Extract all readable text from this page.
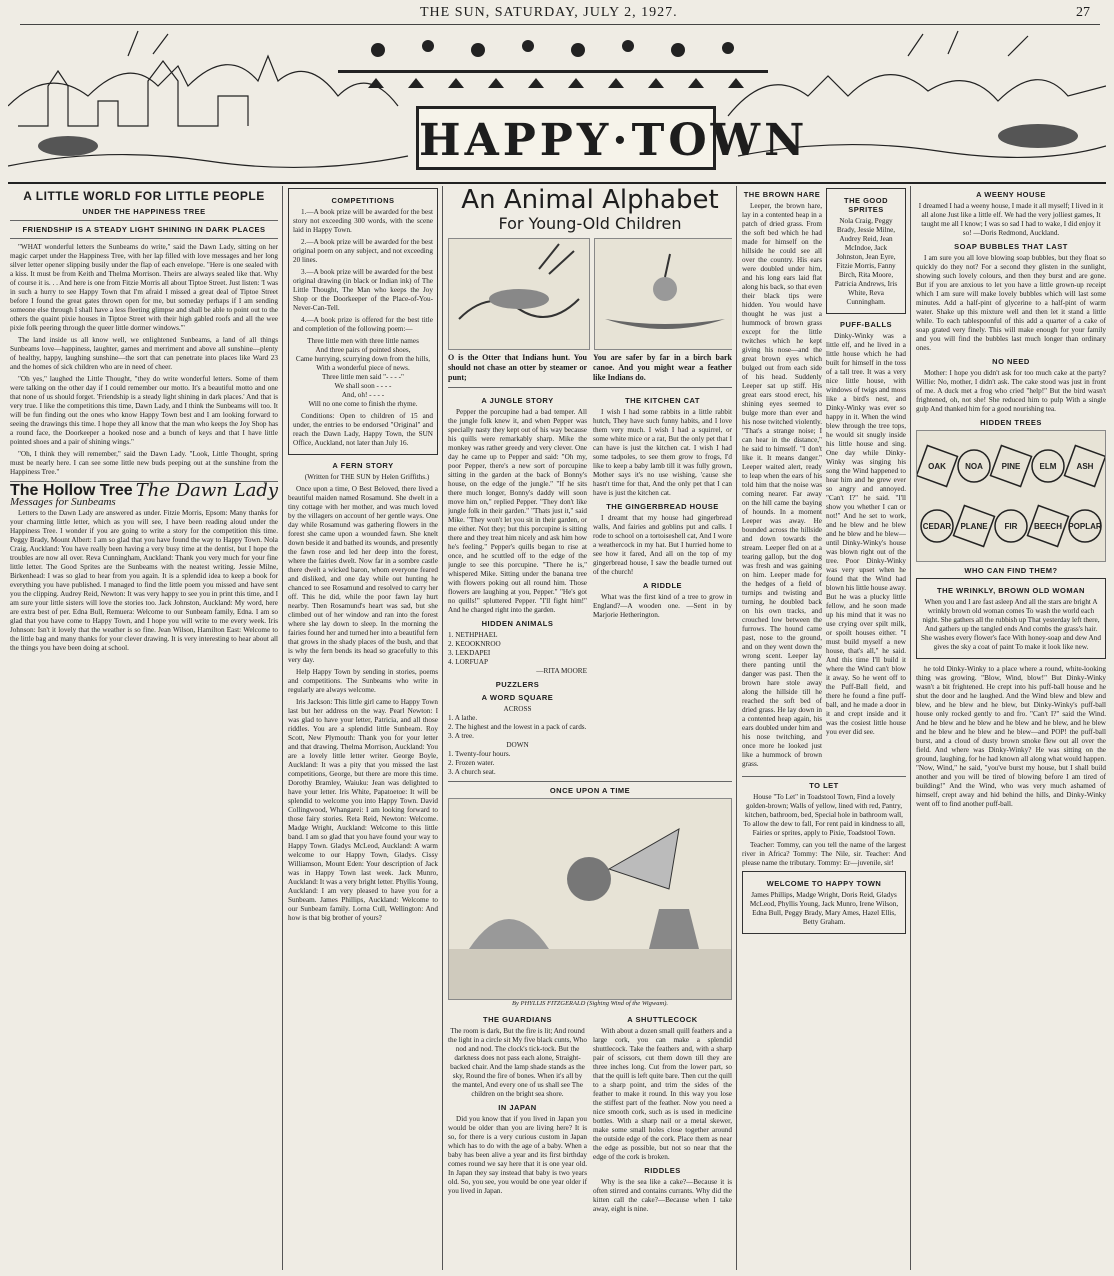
THE SUN, SATURDAY, JULY 2, 1927.	27
HAPPY·TOWN
A LITTLE WORLD FOR LITTLE PEOPLE
UNDER THE HAPPINESS TREE
FRIENDSHIP IS A STEADY LIGHT SHINING IN DARK PLACES

"WHAT wonderful letters the Sunbeams do write," said the Dawn Lady, sitting on her magic carpet under the Happiness Tree, with her lap filled with love messages and her long silver letter opener slipping busily under the flap of each envelope. "Here is one sealed with a kiss. It must be from Keith and Thelma Morrison. Theirs are always sealed like that. Why of course it is. . . And here is one from Fitzie Morris all about Tiptoe Street. Just listen: 'I was in such a hurry to see Happy Town that I'm afraid I missed a great deal of Tiptoe Street before I found the great gates thrown open for me, but someday perhaps if I am sending someone else through I shall have a less fleeting glimpse and shall be able to point out to the others the quaint pixie houses in Tiptoe Street with their high gabled roofs and all the wee pixie folk peering through the queer little dormer windows.'"

The land inside us all know well, we enlightened Sunbeams, a land of all things Sunbeams love—happiness, laughter, games and merriment and above all sunshine—plenty of healthy, happy, laughing sunshine—the sort that can penetrate into places like Ward 23 and the homes of sick children who are in need of cheer.

"Oh yes," laughed the Little Thought, "they do write wonderful letters. Some of them were talking on the other day if I could remember our motto. It's a beautiful motto and one that none of us should forget. 'Friendship is a steady light shining in dark places.' And that is very true. I like the competitions this time, Dawn Lady, and I think the Sunbeams will too. It will be fun finding out the ones who know Happy Town best and I am looking forward to seeing the drawings this time. I hope they all know that the man who keeps the Joy Shop has a round face, the Doorkeeper a hooked nose and a bunch of keys and that I have little pointed shoes and a pair of shining wings."

"Oh, I think they will remember," said the Dawn Lady. "Look, Little Thought, spring must be nearly here. I can see some little new buds peeping out at the sunshine from the Happiness Tree."

The Hollow Tree The Dawn Lady
Messages for Sunbeams

Letters to the Dawn Lady are answered as under. Fitzie Morris, Epsom: Many thanks for your charming little letter, which as you will see, I have been reading aloud under the Happiness Tree. I wonder if you are going to write a story for the competition this time. Peggy Brady, Mount Albert: I am so glad that you have found the way to Happy Town. Nola Craig, Auckland: You have really been having a very busy time at the dentist, but I hope the troubles are now all over. Reva Cunningham, Auckland: Thank you very much for your fine little letter. The Good Sprites are the Sunbeams with the neatest writing. Jessie Milne, Birkenhead: I was so glad to hear from you again. It is a splendid idea to keep a book for everything you have published. I managed to find the little poem you missed and have sent you the clipping. Audrey Reid, Newton: It was very happy to see you in print this time, and I am sure your little sisters will love the stories too. Jack Johnston, Auckland: My word, here are extra best of per. Edna Bull, Remuera: Welcome to our Sunbeam family, Edna. I am so glad that you have come to Happy Town, and I hope you will write to me every week. Iris Johnson: Isn't it lovely that the weather is so fine. Jean Wilson, Hamilton East: Welcome to the little bag and many thanks for your clever drawing. It is very interesting to hear about all the things you have been doing at school.

COMPETITIONS

1.—A book prize will be awarded for the best story not exceeding 300 words, with the scene laid in Happy Town.

2.—A book prize will be awarded for the best original poem on any subject, and not exceeding 20 lines.

3.—A book prize will be awarded for the best original drawing (in black or Indian ink) of The Little Thought, The Man who keeps the Joy Shop or the Doorkeeper of the Place-of-You-Never-Can-Tell.

4.—A book prize is offered for the best title and completion of the following poem:—

Three little men with three little names
And three pairs of pointed shoes,
Came hurrying, scurrying down from the hills,
With a wonderful piece of news.
Three little men said "- - - -"
We shall soon - - - -
And, oh! - - - -
Will no one come to finish the rhyme.

Conditions: Open to children of 15 and under, the entries to be endorsed "Original" and reach the Dawn Lady, Happy Town, the SUN Office, Auckland, not later than July 16.

A FERN STORY

(Written for THE SUN by Helen Griffiths.)

Once upon a time, O Best Beloved, there lived a beautiful maiden named Rosamund. She dwelt in a tiny cottage with her mother, and was much loved by the villagers on account of her gentle ways. One day while Rosamund was gathering flowers in the forest she came upon a wounded fawn. She knelt down beside it and bathed its wounds, and presently the fawn rose and led her deep into the forest, where the fairies dwelt. Now far in a sombre castle there dwelt a wicked baron, whom everyone feared and disliked, and one day while out hunting he chanced to see Rosamund and resolved to carry her off. This he did, while the poor fawn lay hurt nearby. Then Rosamund's heart was sad, but she climbed out of her window and ran into the forest where she lay down to sleep. In the morning the fairies found her and turned her into a beautiful fern that grows in the shady places of the bush, and that is why the fern bends its head so gracefully to this very day.

Help Happy Town by sending in stories, poems and competitions. The Sunbeams who write in regularly are always welcome.

Iris Jackson: This little girl came to Happy Town last but her address on the way. Pearl Newton: I was glad to have your letter, Patricia, and all those riddles. You are a splendid little Sunbeam. Roy Scott, New Plymouth: Thank you for your letter and that drawing. Thelma Morrison, Auckland: You are a lovely little letter writer. George Boyle, Auckland: It was a pity that you missed the last competitions, George, but there are more this time. Dorothy Bramley, Waiuku: Jean was delighted to have your letter. Iris White, Papatoetoe: It will be splendid to welcome you into Happy Town. David Collingwood, Whangarei: I am looking forward to those fairy stories. Reta Reid, Newton: Welcome. Madge Wright, Auckland: Welcome to this little band. I am so glad that you have found your way to Happy Town. Gladys McLeod, Auckland: A warm welcome to our Happy Town, Gladys. Cissy Williamson, Mount Eden: Your description of Jack was in Happy Town last week. Jack Munro, Auckland: It was a very bright letter. Phyllis Young, Auckland: I am very pleased to have you for a Sunbeam. James Phillips, Auckland: Welcome to our Sunbeam family. Lorna Cull, Wellington: And how is that big brother of yours?

An Animal Alphabet
For Young-Old Children
O is the Otter that Indians hunt. You should not chase an otter by steamer or punt;
You are safer by far in a birch bark canoe. And you might wear a feather like Indians do.
A JUNGLE STORY

Pepper the porcupine had a bad temper. All the jungle folk knew it, and when Pepper was specially nasty they kept out of his way because his quills were remarkably sharp. Mike the monkey was rather greedy and very clever. One day he came up to Pepper and said: "Oh my, poor Pepper, there's a new sort of porcupine sitting in the garden at the back of Bonny's house, on the edge of the jungle." "If he sits there much longer, Bonny's daddy will soon move him on," replied Pepper. "They don't like jungle folk in their garden." "Thats just it," said Mike. "They won't let you sit in their garden, or me either. Not they; but this porcupine is sitting there and they treat him nicely and ask him how he's feeling." Pepper's quills began to rise at once, and he scuttled off to the edge of the jungle to see this porcupine. "There he is," whispered Mike. Sitting under the banana tree with flowers poking out all round him. Those flowers are laughing at you, Pepper." "He's got no quills!" spluttered Pepper. "I'll fight him!" And he charged right into the garden.

HIDDEN ANIMALS
1. NETHPHAEL
2. KEOOKNROO
3. LEKDAPEI
4. LORFUAP
—RITA MOORE
PUZZLERS
A WORD SQUARE
ACROSS
1. A lathe.
2. The highest and the lowest in a pack of cards.
3. A tree.
DOWN
1. Twenty-four hours.
2. Frozen water.
3. A church seat.
THE KITCHEN CAT

I wish I had some rabbits in a little rabbit hutch, They have such funny habits, and I love them very much. I wish I had a squirrel, or some white mice or a rat, But the only pet that I can have is just the kitchen cat. I wish I had some tadpoles, to see them grow to frogs, I'd like to keep a baby lamb till it was fully grown, Mother says it's no use wishing, 'cause she hasn't time for that, And the only pet that I can have is just the kitchen cat.

THE GINGERBREAD HOUSE

I dreamt that my house had gingerbread walls, And fairies and goblins put and calls. I rode to school on a tortoiseshell cat, And I wore a weathercock in my hat. But I hurried home to see how it fared, And all on the top of my gingerbread house, I saw the beadle turned out of the church!

A RIDDLE

What was the first kind of a tree to grow in England?—A wooden one. —Sent in by Marjorie Hetherington.

ONCE UPON A TIME
By PHYLLIS FITZGERALD (Sighing Wind of the Wigwam).
THE GUARDIANS

The room is dark, But the fire is lit; And round the light in a circle sit My five black cunts, Who nod and nod. The clock's tick-tock. But the darkness does not pass each alone, Straight-backed chair. And the lamp shade stands as the sky, Round the fire of bones. When it's all by the mantel, And every one of us shall see The children on the bright sea shore.

IN JAPAN

Did you know that if you lived in Japan you would be older than you are living here? It is so, for there is a very curious custom in Japan which has to do with the age of a baby. When a baby has been alive a year and its first birthday comes round we say here that it is one year old. In Japan they say instead that baby is two years old. So, you see, you would be one year older if you lived in Japan.

A SHUTTLECOCK

With about a dozen small quill feathers and a large cork, you can make a splendid shuttlecock. Take the feathers and, with a sharp pair of scissors, cut them down till they are three inches long. Cut from the lower part, so that the quill is left quite bare. Then cut the quill to a sharp point, and trim the sides of the feather to make it round. In this way you lose the stiffest part of the feather. Now you need a nice smooth cork, such as is used in medicine bottles. With a sharp nail or a metal skewer, make some small holes close together around the outside edge of the cork. Place them as near the edge as possible, but not so near that the edge of the cork is broken.

RIDDLES

Why is the sea like a cake?—Because it is often stirred and contains currants. Why did the kitten call the cake?—Because when I take away, eight is nine.

THE BROWN HARE

Leeper, the brown hare, lay in a contented heap in a patch of dried grass. From the soft bed which he had made for himself on the hillside he could see all over the country. His ears were doubled under him, and his long ears laid flat along his back, so that even their black tips were hidden. You would have thought he was just a hummock of brown grass except for the little twitches which he kept giving his nose—and the great brown eyes which bulged out from each side of his head. Suddenly Leeper sat up stiff. His great ears stood erect, his shining eyes seemed to bulge more than ever and his nose twitched violently. "That's a strange noise; I can hear in the distance," he said to himself. "I don't like it. It means danger." Leeper waited alert, ready to leap when the ears of his told him that the noise was coming nearer. Far away on the hill came the baying of hounds. In a moment Leeper was away. He bounded across the hillside and down towards the stream. Leeper fled on at a tearing gallop, but the dog was fresh and was gaining on him. Leeper made for the hedges of a field of turnips and twisting and turning, he doubled back on his own tracks, and crouched low between the furrows. The hound came past, nose to the ground, and on they went down the wrong scent. Leeper lay there panting until the danger was past. Then the brown hare stole away along the hillside till he reached the soft bed of dried grass. He lay down in a contented heap again, his ears doubled under him and his nose twitching, and once more he looked just like a hummock of brown grass.

THE GOOD SPRITES

Nola Craig, Peggy Brady, Jessie Milne, Audrey Reid, Jean McIndoe, Jack Johnston, Jean Eyre, Fitzie Morris, Fanny Birch, Rita Moore, Patricia Andrews, Iris White, Reva Cunningham.

PUFF-BALLS

Dinky-Winky was a little elf, and he lived in a little house which he had built for himself in the toss of a tall tree. It was a very nice little house, with windows of twigs and moss like a bird's nest, and Dinky-Winky was ever so happy in it. When the wind blew through the tree tops, he would sit snugly inside his little house and sing. One day while Dinky-Winky was singing his song the Wind happened to hear him and he grew ever so angry and annoyed. "Can't I?" he said. "I'll show you whether I can or not!" And he set to work, and he blew and he blew and he blew and he blew—until Dinky-Winky's house was blown right out of the tree. Poor Dinky-Winky was very upset when he found that the Wind had blown his little house away. But he was a plucky little fellow, and he soon made up his mind that it was no use crying over spilt milk, or spoilt houses either. "I must build myself a new house, that's all," he said. And this time I'll build it where the Wind can't blow it away. So he went off to the Puff-Ball field, and there he found a fine puff-ball, and he made a door in it and crept inside and it was the cosiest little house you ever did see.

TO LET

House "To Let" in Toadstool Town, Find a lovely golden-brown; Walls of yellow, lined with red, Pantry, kitchen, bathroom, bed, Special hole in bathroom wall, To allow the dew to fall, For rent paid in kindness to all, Fairies or sprites, apply to Pixie, Toadstool Town.

Teacher: Tommy, can you tell the name of the largest river in Africa? Tommy: The Nile, sir. Teacher: And please name the tributary. Tommy: Er—juvenile, sir!

WELCOME TO HAPPY TOWN

James Phillips, Madge Wright, Doris Reid, Gladys McLeod, Phyllis Young, Jack Munro, Irene Wilson, Edna Bull, Peggy Brady, Mary Ames, Hazel Ellis, Betty Graham.

A WEENY HOUSE

I dreamed I had a weeny house, I made it all myself; I lived in it all alone Just like a little elf. We had the very jolliest games, It taught me all I know; I was so sad I had to wake, I did enjoy it so! —Doris Redmond, Auckland.

SOAP BUBBLES THAT LAST

I am sure you all love blowing soap bubbles, but they float so quickly do they not? For a second they glisten in the sunlight, showing such lovely colours, and then they burst and are gone. But if you are anxious to let you have a little grown-up receipt which I am sure will make lovely bubbles which will last some minutes. Add a half-pint of glycerine to a half-pint of warm water. Shake up this mixture well and then let it stand a little while. To each tablespoonful of this add a quarter of a cake of soap grated very finely. This will make enough for your family and you will find the bubbles last much longer than ordinary ones.

NO NEED

Mother: I hope you didn't ask for too much cake at the party? Willie: No, mother, I didn't ask. The cake stood was just in front of me. A duck met a frog who cried "help!" But the bird wasn't frightened, oh, not she! She reduced him to pulp With a single gulp And thanked him for a good nourishing tea.

HIDDEN TREES
OAK NOA PINE ELM	ASH
CEDAR PLANE FIR BEECH POPLAR
WHO CAN FIND THEM?
THE WRINKLY, BROWN OLD WOMAN

When you and I are fast asleep And all the stars are bright A wrinkly brown old woman comes To wash the world each night. She gathers all the rubbish up That yesterday left there, And gathers up the tangled ends And combs the grass's hair. She washes every flower's face With honey-soap and dew And gives the sky a coat of paint To make it look like new.

he told Dinky-Winky to a place where a round, white-looking thing was growing. "Blow, Wind, blow!" But Dinky-Winky wasn't a bit frightened. He crept into his puff-ball house and he shut the door and he laughed. And the Wind blew and blew and blew, and he blew and he blew, but Dinky-Winky's puff-ball house only rocked gently to and fro. "Can't I?" said the Wind. And he blew and he blew and he blew and he blew, and he blew and he blew and he blew and he blew—and POP! the puff-ball burst, and a cloud of dusty brown smoke flew out all over the field. And where was Dinky-Winky? He was sitting on the ground, laughing, for he had known all along what would happen. "Now, Wind," he said, "you've burst my house, but I shall build another and you will be tired of blowing before I am tired of building!" And the Wind, who was very much ashamed of himself, crept away and hid behind the hills, and Dinky-Winky went off to find another puff-ball.
